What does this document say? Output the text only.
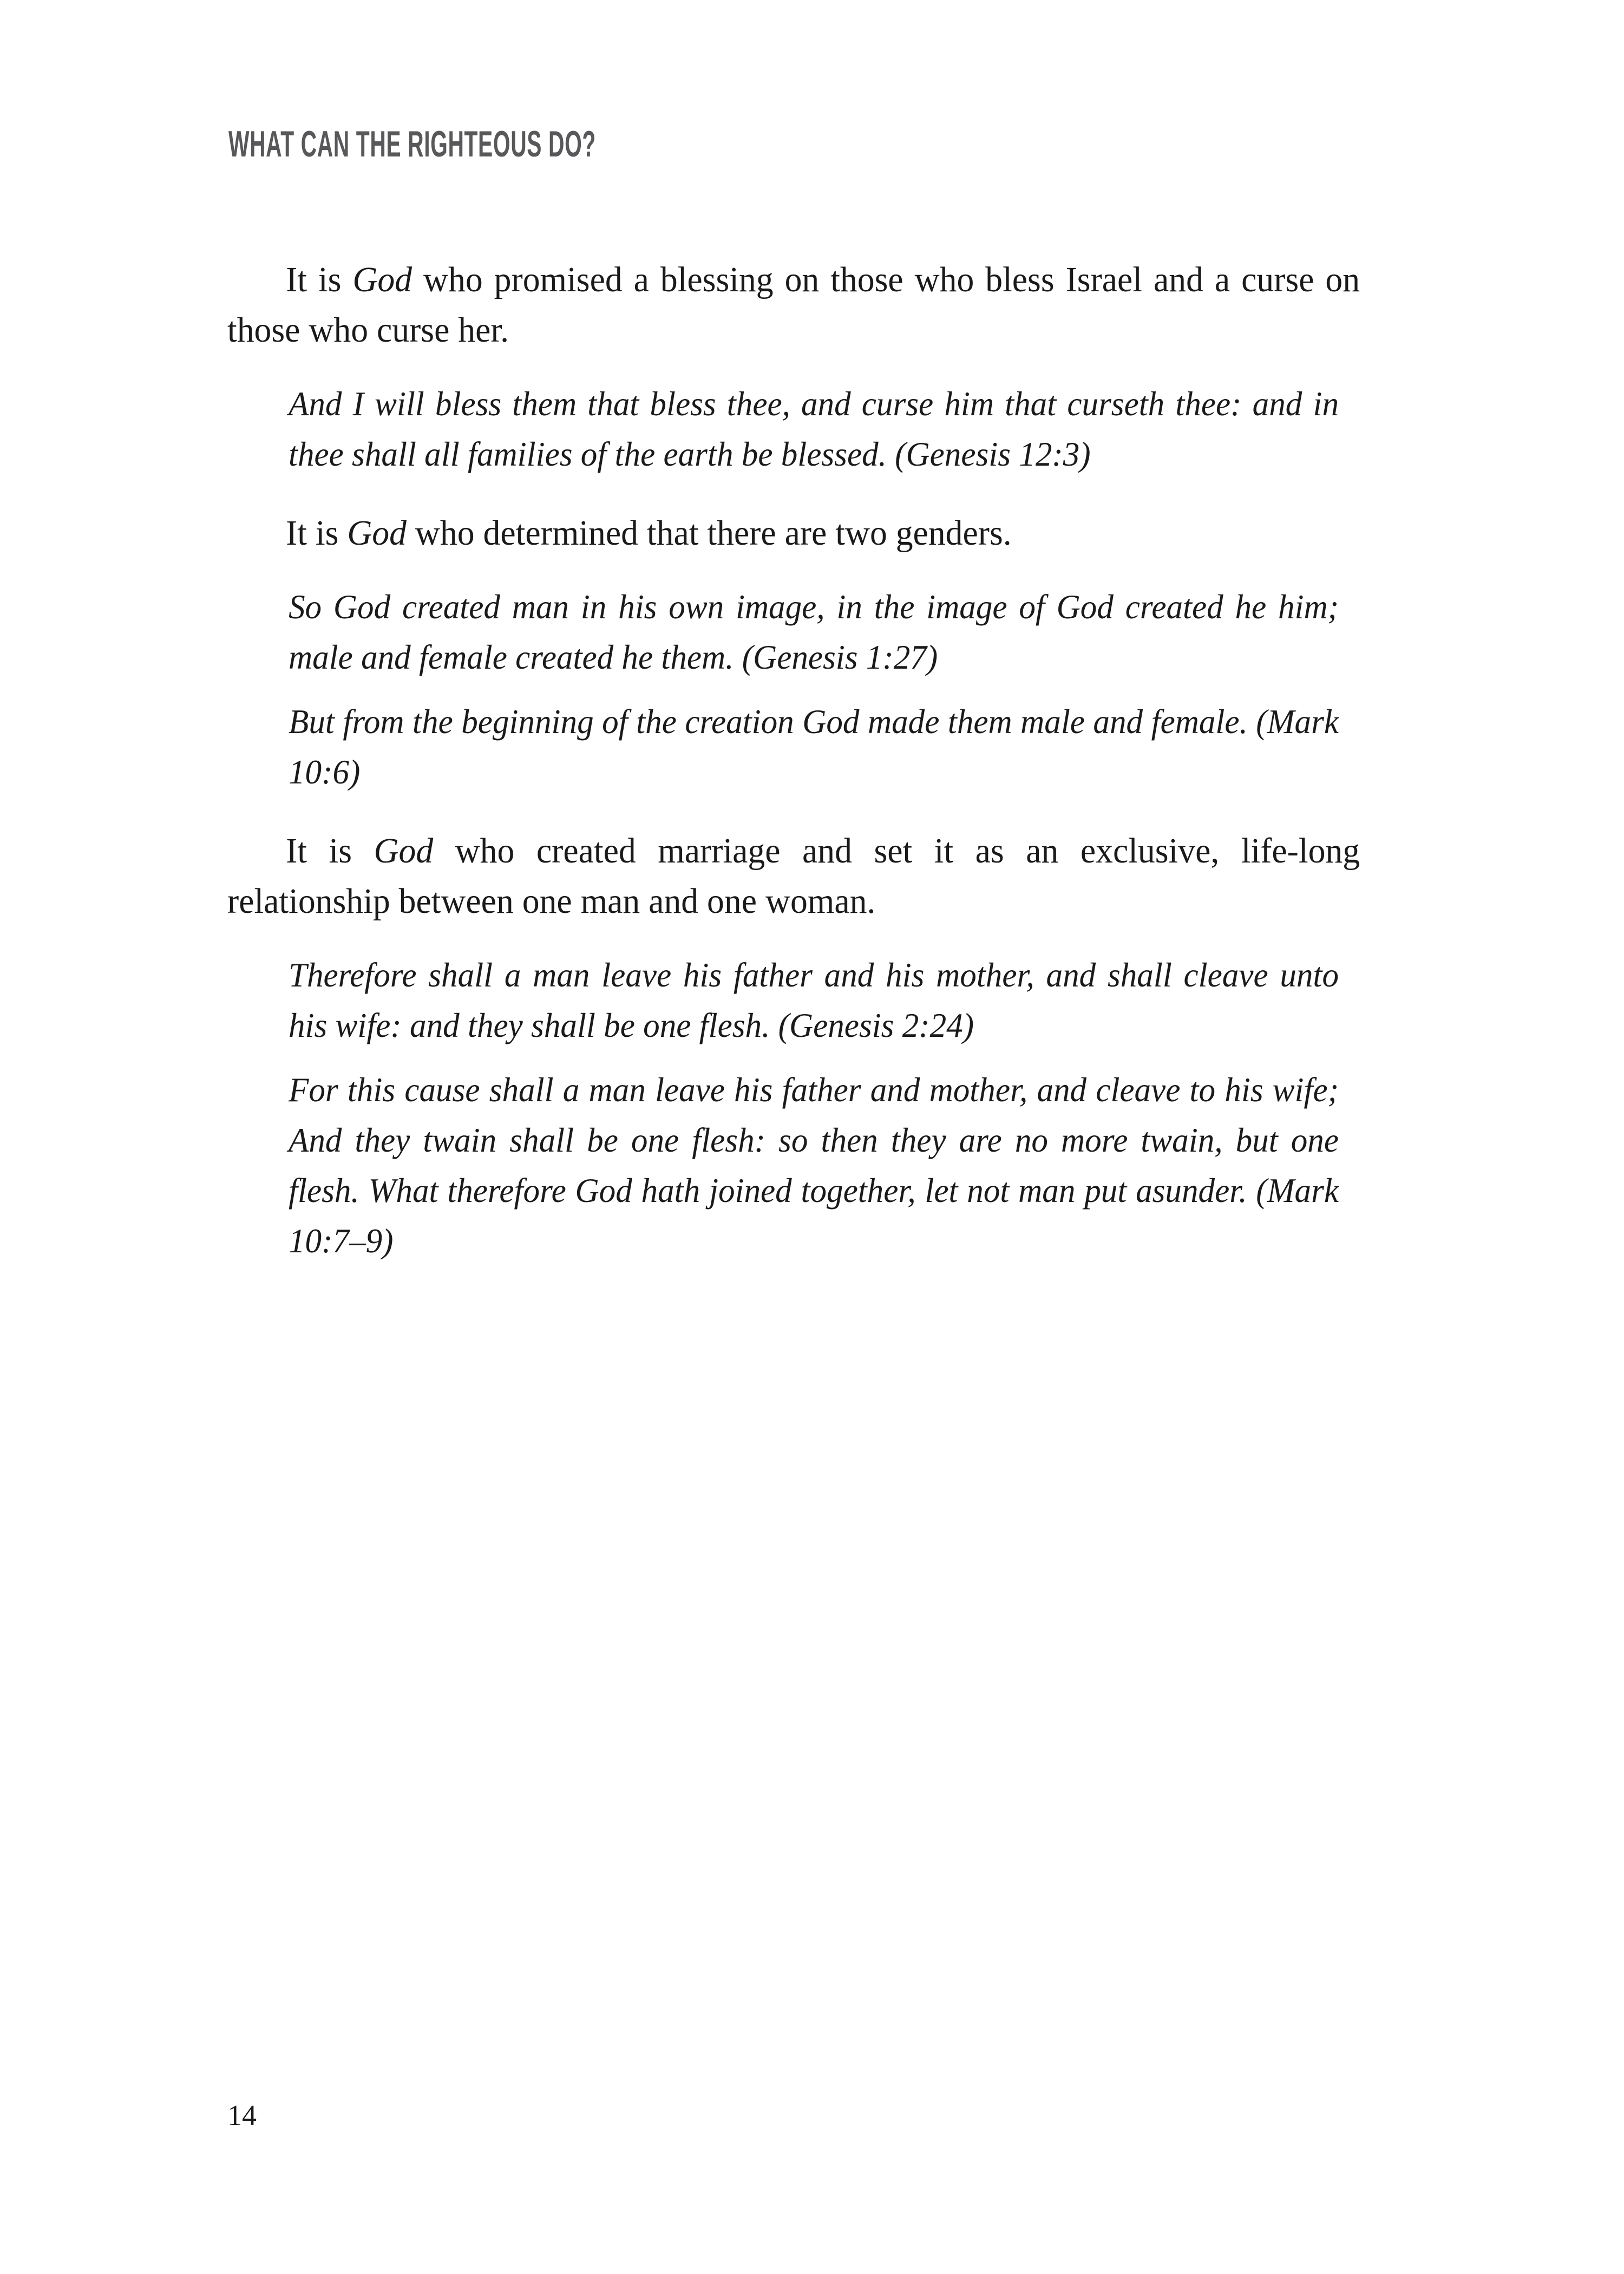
WHAT CAN THE RIGHTEOUS DO?

It is God who promised a blessing on those who bless Israel and a curse on those who curse her.

And I will bless them that bless thee, and curse him that curseth thee: and in thee shall all families of the earth be blessed. (Genesis 12:3)

It is God who determined that there are two genders.

So God created man in his own image, in the image of God created he him; male and female created he them. (Genesis 1:27)
But from the beginning of the creation God made them male and female. (Mark 10:6)

It is God who created marriage and set it as an exclusive, life-long relationship between one man and one woman.

Therefore shall a man leave his father and his mother, and shall cleave unto his wife: and they shall be one flesh. (Genesis 2:24)
For this cause shall a man leave his father and mother, and cleave to his wife; And they twain shall be one flesh: so then they are no more twain, but one flesh. What therefore God hath joined together, let not man put asunder. (Mark 10:7–9)
14
